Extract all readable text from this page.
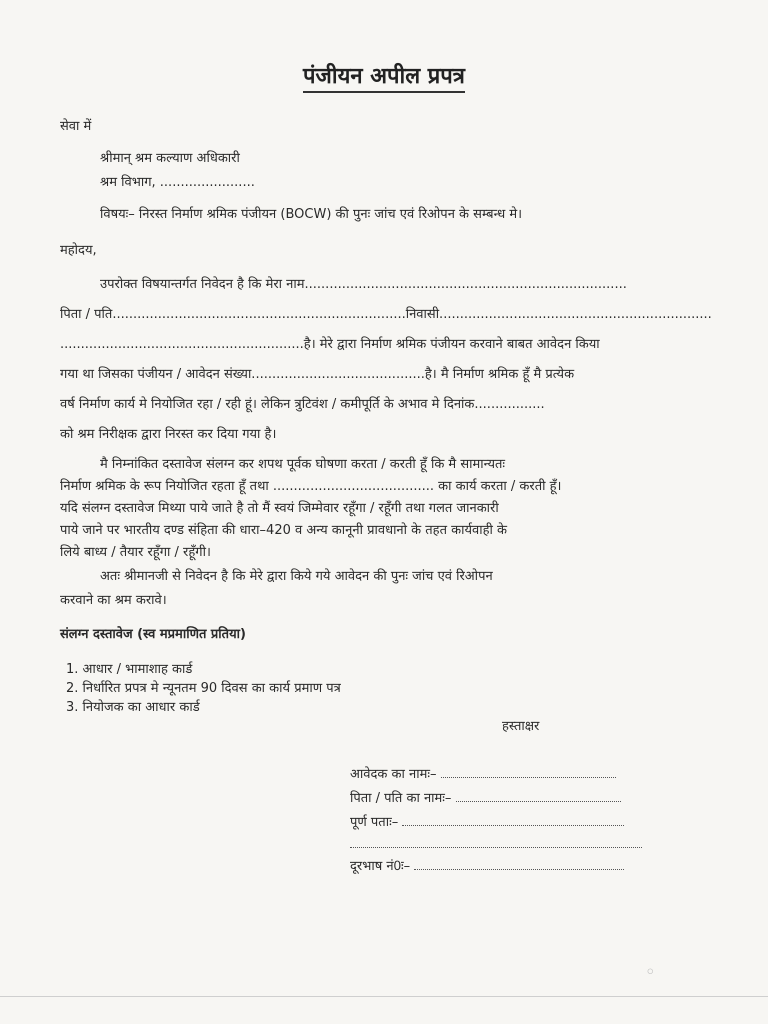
पंजीयन अपील प्रपत्र
सेवा में
श्रीमान् श्रम कल्याण अधिकारी
श्रम विभाग, .......................
विषयः– निरस्त निर्माण श्रमिक पंजीयन (BOCW) की पुनः जांच एवं रिओपन के सम्बन्ध मे।
महोदय,
उपरोक्त विषयान्तर्गत निवेदन है कि मेरा नाम..............................................................................
पिता / पति.......................................................................निवासी..................................................................
...........................................................है। मेरे द्वारा निर्माण श्रमिक पंजीयन करवाने बाबत आवेदन किया
गया था जिसका पंजीयन / आवेदन संख्या..........................................है। मै निर्माण श्रमिक हूँ मै प्रत्येक
वर्ष निर्माण कार्य मे नियोजित रहा / रही हूं। लेकिन त्रुटिवंश / कमीपूर्ति के अभाव मे दिनांक.................
को श्रम निरीक्षक द्वारा निरस्त कर दिया गया है।
मै निम्नांकित दस्तावेज संलग्न कर शपथ पूर्वक घोषणा करता / करती हूँ कि मै सामान्यतः
निर्माण श्रमिक के रूप नियोजित रहता हूँ तथा ....................................... का कार्य करता / करती हूँ।
यदि संलग्न दस्तावेज मिथ्या पाये जाते है तो मैं स्वयं जिम्मेवार रहूँगा / रहूँगी तथा गलत जानकारी
पाये जाने पर भारतीय दण्ड संहिता की धारा–420 व अन्य कानूनी प्रावधानो के तहत कार्यवाही के
लिये बाध्य / तैयार रहूँगा / रहूँगी।
अतः श्रीमानजी से निवेदन है कि मेरे द्वारा किये गये आवेदन की पुनः जांच एवं रिओपन
करवाने का श्रम करावे।
संलग्न दस्तावेज (स्व मप्रमाणित प्रतिया)
1. आधार / भामाशाह कार्ड
2. निर्धारित प्रपत्र मे न्यूनतम 90 दिवस का कार्य प्रमाण पत्र
3. नियोजक का आधार कार्ड
हस्ताक्षर
आवेदक का नामः–
पिता / पति का नामः–
पूर्ण पताः–
दूरभाष नं0ः–
◦
